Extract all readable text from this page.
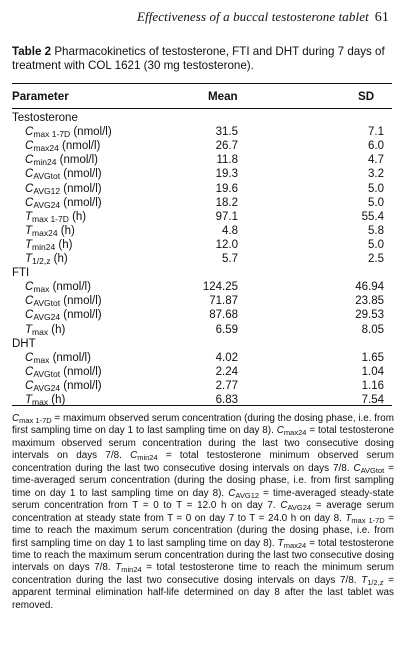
Effectiveness of a buccal testosterone tablet 61
Table 2 Pharmacokinetics of testosterone, FTI and DHT during 7 days of treatment with COL 1621 (30 mg testosterone).
Parameter	Mean	SD
Testosterone
$C_{max 1-7D}$ (nmol/l)	31.5	7.1
$C_{max24}$ (nmol/l)	26.7	6.0
$C_{min24}$ (nmol/l)	11.8	4.7
$C_{AVGtot}$ (nmol/l)	19.3	3.2
$C_{AVG12}$ (nmol/l)	19.6	5.0
$C_{AVG24}$ (nmol/l)	18.2	5.0
$T_{max 1-7D}$ (h)	97.1	55.4
$T_{max24}$ (h)	4.8	5.8
$T_{min24}$ (h)	12.0	5.0
$T_{1/2,z}$ (h)	5.7	2.5
FTI
$C_{max}$ (nmol/l)	124.25	46.94
$C_{AVGtot}$ (nmol/l)	71.87	23.85
$C_{AVG24}$ (nmol/l)	87.68	29.53
$T_{max}$ (h)	6.59	8.05
DHT
$C_{max}$ (nmol/l)	4.02	1.65
$C_{AVGtot}$ (nmol/l)	2.24	1.04
$C_{AVG24}$ (nmol/l)	2.77	1.16
$T_{max}$ (h)	6.83	7.54
$C_{max 1-7D}$ = maximum observed serum concentration (during the dosing phase, i.e. from first sampling time on day 1 to last sampling time on day 8). $C_{max24}$ = total testosterone maximum observed serum concentration during the last two consecutive dosing intervals on days 7/8. $C_{min24}$ = total testosterone minimum observed serum concentration during the last two consecutive dosing intervals on days 7/8. $C_{AVGtot}$ = time-averaged serum concentration (during the dosing phase, i.e. from first sampling time on day 1 to last sampling time on day 8). $C_{AVG12}$ = time-averaged steady-state serum concentration from T = 0 to T = 12.0 h on day 7. $C_{AVG24}$ = average serum concentration at steady state from T = 0 on day 7 to T = 24.0 h on day 8. $T_{max 1-7D}$ = time to reach the maximum serum concentration (during the dosing phase, i.e. from first sampling time on day 1 to last sampling time on day 8). $T_{max24}$ = total testosterone time to reach the maximum serum concentration during the last two consecutive dosing intervals on days 7/8. $T_{min24}$ = total testosterone time to reach the minimum serum concentration during the last two consecutive dosing intervals on days 7/8. $T_{1/2,z}$ = apparent terminal elimination half-life determined on day 8 after the last tablet was removed.
